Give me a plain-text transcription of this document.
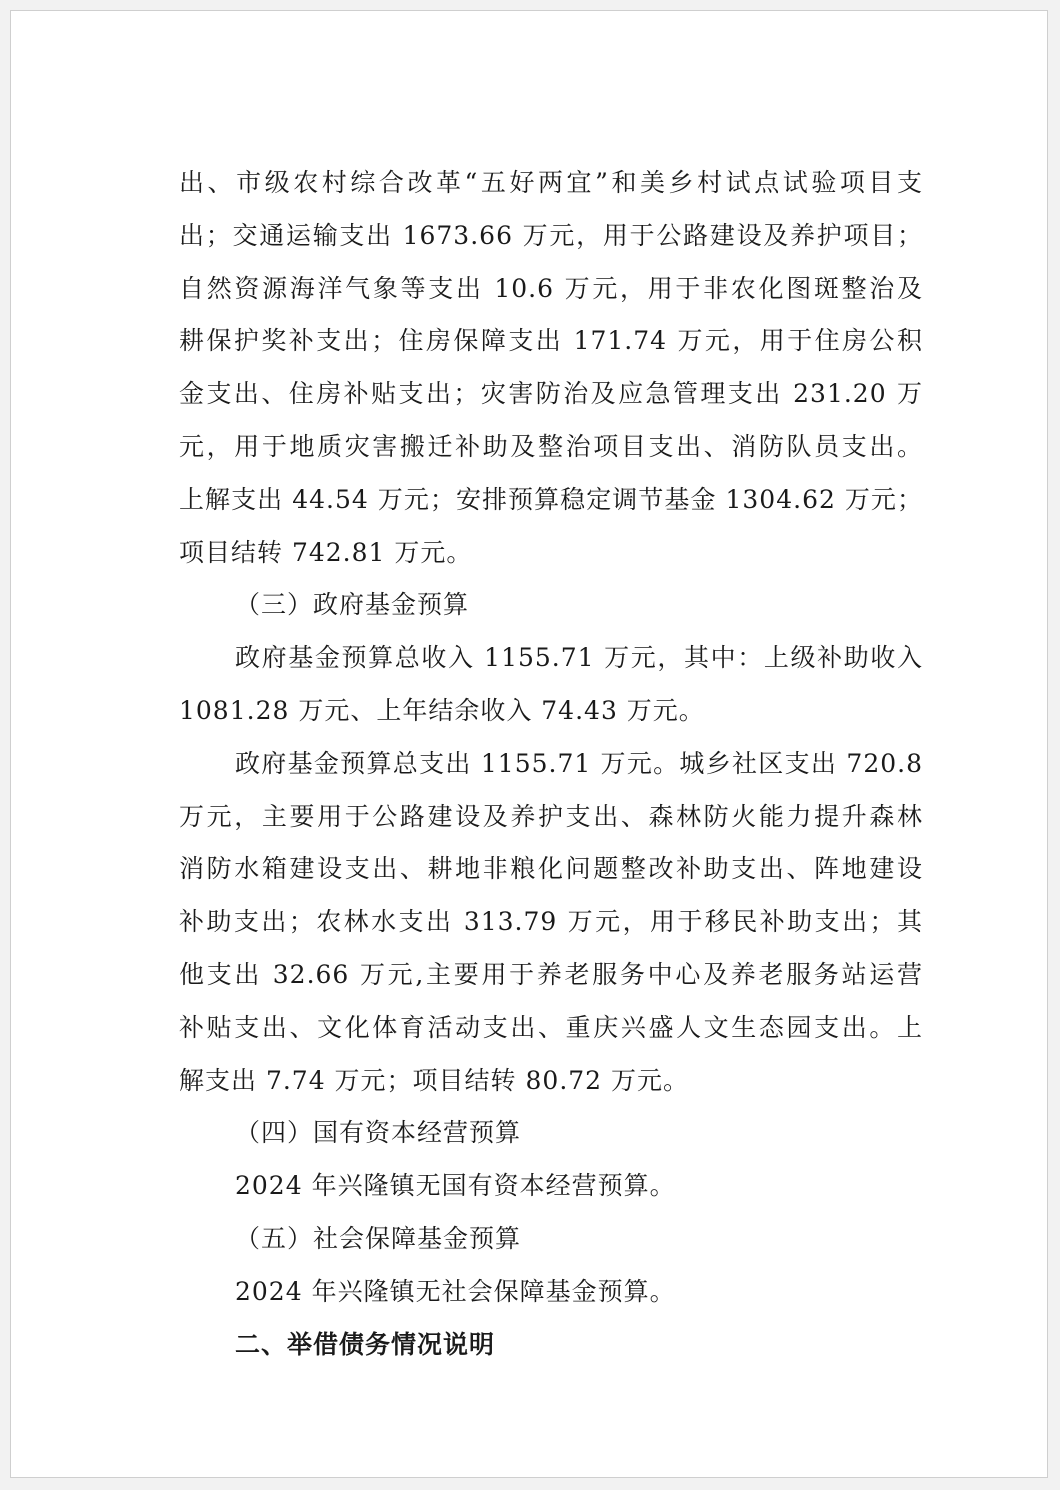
出、市级农村综合改革“五好两宜”和美乡村试点试验项目支
出；交通运输支出 1673.66 万元，用于公路建设及养护项目；
自然资源海洋气象等支出 10.6 万元，用于非农化图斑整治及
耕保护奖补支出；住房保障支出 171.74 万元，用于住房公积
金支出、住房补贴支出；灾害防治及应急管理支出 231.20 万
元，用于地质灾害搬迁补助及整治项目支出、消防队员支出。
上解支出 44.54 万元；安排预算稳定调节基金 1304.62 万元；
项目结转 742.81 万元。
（三）政府基金预算
政府基金预算总收入 1155.71 万元，其中：上级补助收入
1081.28 万元、上年结余收入 74.43 万元。
政府基金预算总支出 1155.71 万元。城乡社区支出 720.8
万元，主要用于公路建设及养护支出、森林防火能力提升森林
消防水箱建设支出、耕地非粮化问题整改补助支出、阵地建设
补助支出；农林水支出 313.79 万元，用于移民补助支出；其
他支出 32.66 万元,主要用于养老服务中心及养老服务站运营
补贴支出、文化体育活动支出、重庆兴盛人文生态园支出。上
解支出 7.74 万元；项目结转 80.72 万元。
（四）国有资本经营预算
2024 年兴隆镇无国有资本经营预算。
（五）社会保障基金预算
2024 年兴隆镇无社会保障基金预算。
二、举借债务情况说明
